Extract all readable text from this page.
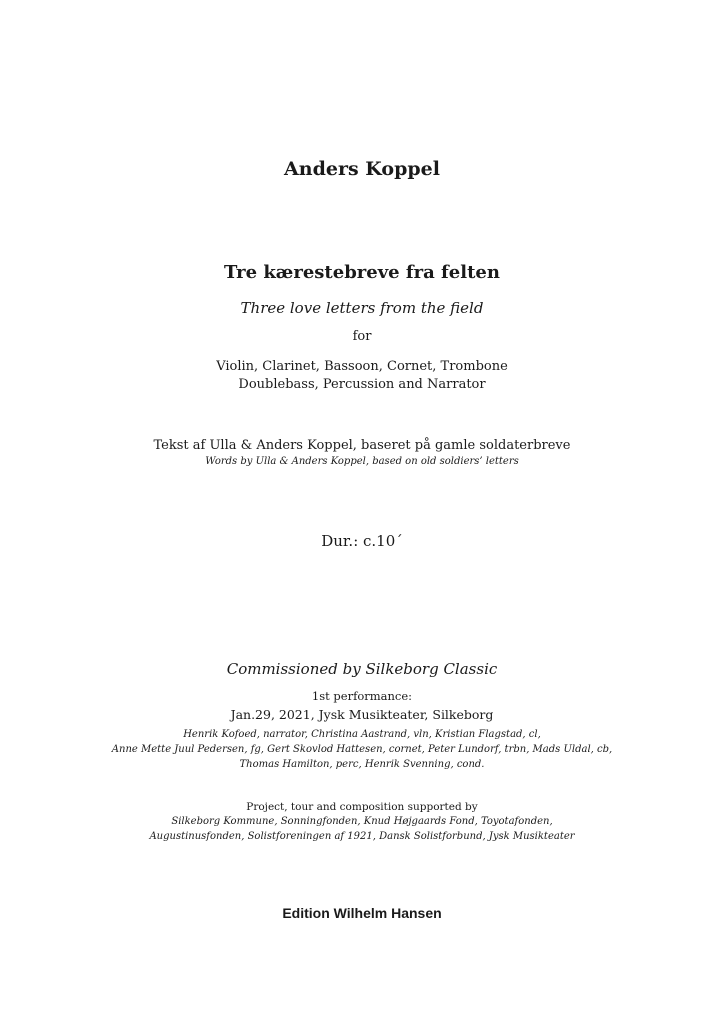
Anders Koppel
Tre kærestebreve fra felten
Three love letters from the field
for
Violin, Clarinet, Bassoon, Cornet, Trombone
Doublebass, Percussion and Narrator
Tekst af Ulla & Anders Koppel, baseret på gamle soldaterbreve
Words by Ulla & Anders Koppel, based on old soldiers’ letters
Dur.: c.10´
Commissioned by Silkeborg Classic
1st performance:
Jan.29, 2021, Jysk Musikteater, Silkeborg
Henrik Kofoed, narrator, Christina Aastrand, vln, Kristian Flagstad, cl,
Anne Mette Juul Pedersen, fg, Gert Skovlod Hattesen, cornet, Peter Lundorf, trbn, Mads Uldal, cb,
Thomas Hamilton, perc, Henrik Svenning, cond.
Project, tour and composition supported by
Silkeborg Kommune, Sonningfonden, Knud Højgaards Fond, Toyotafonden,
Augustinusfonden, Solistforeningen af 1921, Dansk Solistforbund, Jysk Musikteater
Edition Wilhelm Hansen
